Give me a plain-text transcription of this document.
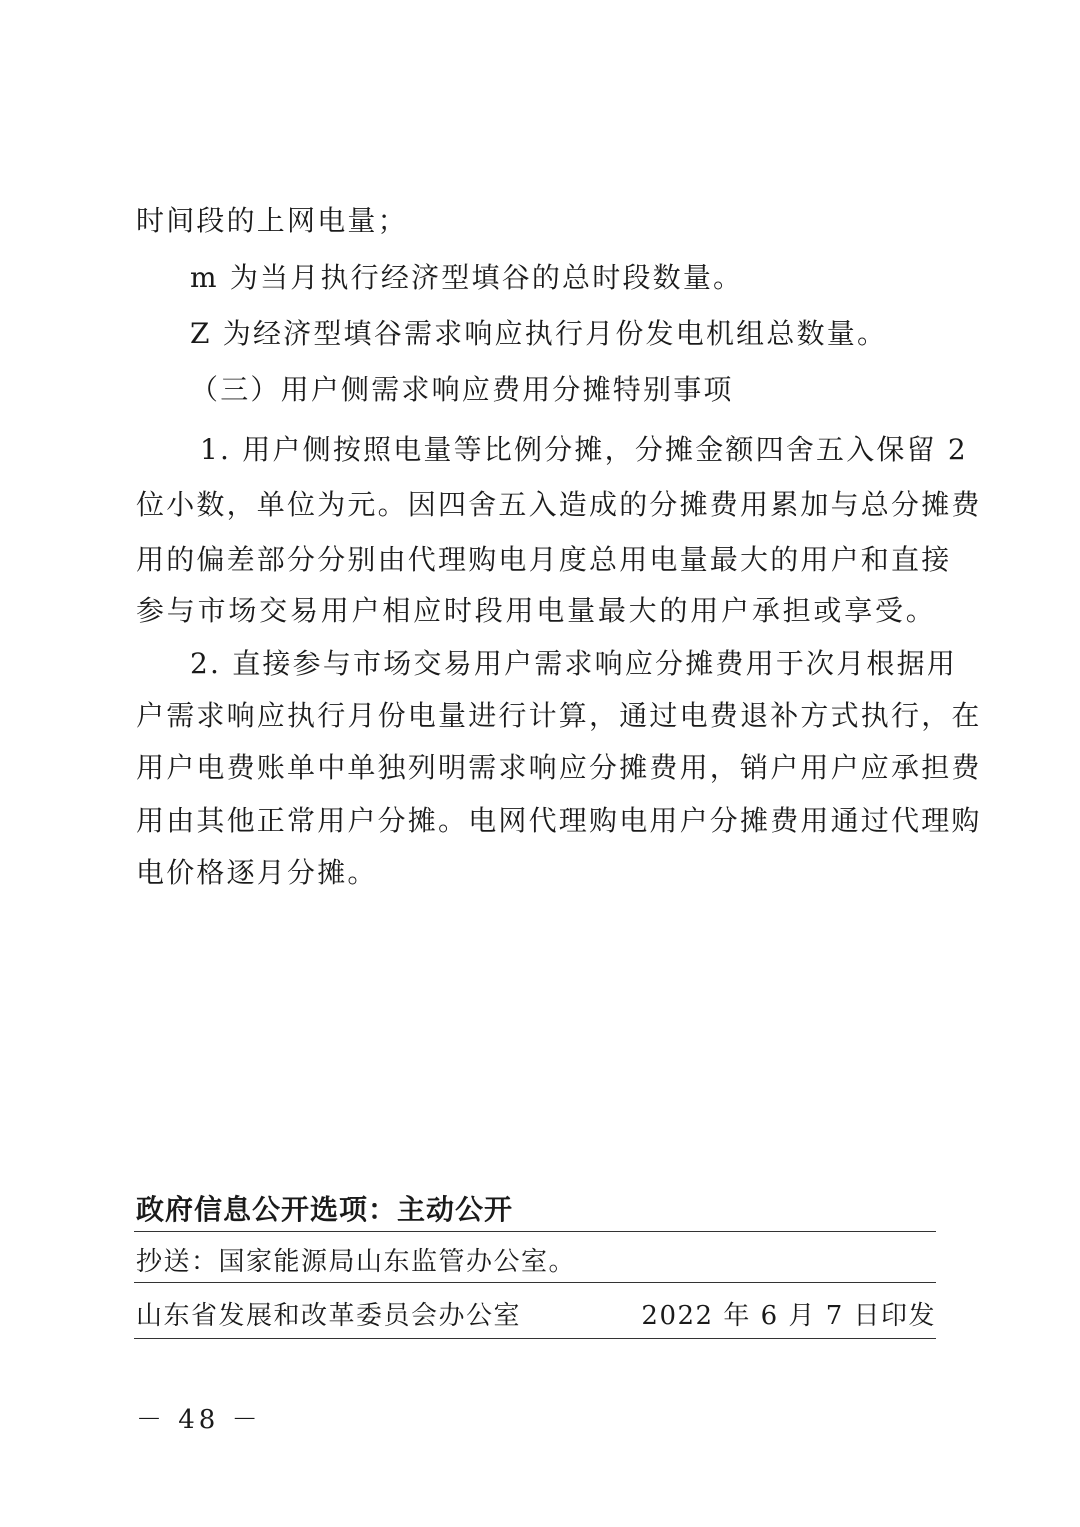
时间段的上网电量；
m 为当月执行经济型填谷的总时段数量。
Z 为经济型填谷需求响应执行月份发电机组总数量。
（三）用户侧需求响应费用分摊特别事项
1. 用户侧按照电量等比例分摊，分摊金额四舍五入保留 2
位小数，单位为元。因四舍五入造成的分摊费用累加与总分摊费
用的偏差部分分别由代理购电月度总用电量最大的用户和直接
参与市场交易用户相应时段用电量最大的用户承担或享受。
2. 直接参与市场交易用户需求响应分摊费用于次月根据用
户需求响应执行月份电量进行计算，通过电费退补方式执行，在
用户电费账单中单独列明需求响应分摊费用，销户用户应承担费
用由其他正常用户分摊。电网代理购电用户分摊费用通过代理购
电价格逐月分摊。
政府信息公开选项：主动公开
抄送：国家能源局山东监管办公室。
山东省发展和改革委员会办公室	2022 年 6 月 7 日印发
－ 48 －
